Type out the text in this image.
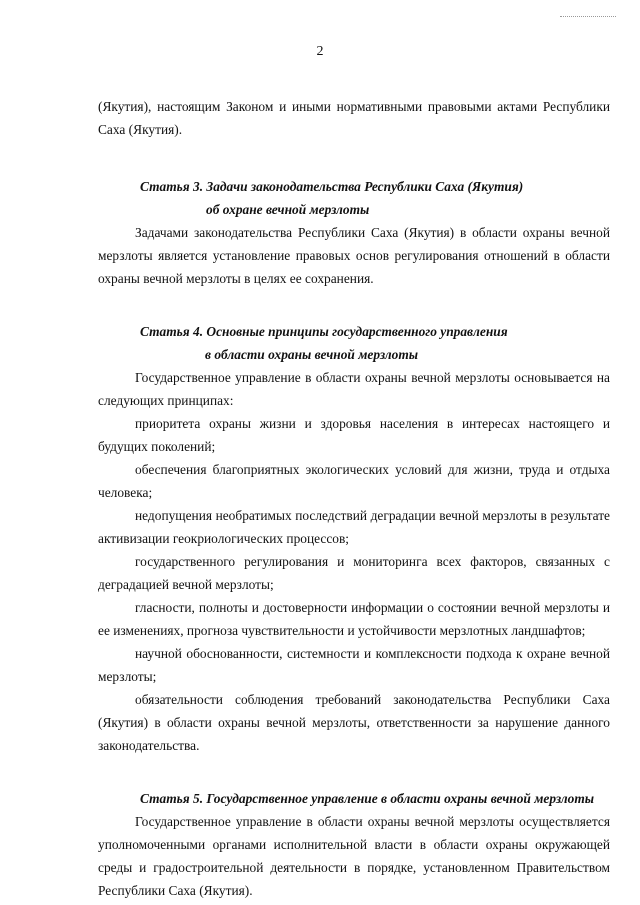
2

(Якутия), настоящим Законом и иными нормативными правовыми актами Республики Саха (Якутия).

Статья 3. Задачи законодательства Республики Саха (Якутия)
об охране вечной мерзлоты

Задачами законодательства Республики Саха (Якутия) в области охраны вечной мерзлоты является установление правовых основ регулирования отношений в области охраны вечной мерзлоты в целях ее сохранения.

Статья 4. Основные принципы государственного управления
в области охраны вечной мерзлоты

Государственное управление в области охраны вечной мерзлоты основывается на следующих принципах:

приоритета охраны жизни и здоровья населения в интересах настоящего и будущих поколений;

обеспечения благоприятных экологических условий для жизни, труда и отдыха человека;

недопущения необратимых последствий деградации вечной мерзлоты в результате активизации геокриологических процессов;

государственного регулирования и мониторинга всех факторов, связанных с деградацией вечной мерзлоты;

гласности, полноты и достоверности информации о состоянии вечной мерзлоты и ее изменениях, прогноза чувствительности и устойчивости мерзлотных ландшафтов;

научной обоснованности, системности и комплексности подхода к охране вечной мерзлоты;

обязательности соблюдения требований законодательства Республики Саха (Якутия) в области охраны вечной мерзлоты, ответственности за нарушение данного законодательства.

Статья 5. Государственное управление в области охраны вечной мерзлоты

Государственное управление в области охраны вечной мерзлоты осуществляется уполномоченными органами исполнительной власти в области охраны окружающей среды и градостроительной деятельности в порядке, установленном Правительством Республики Саха (Якутия).
